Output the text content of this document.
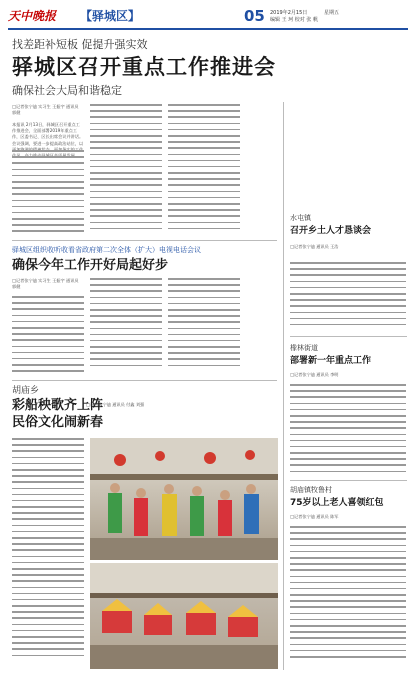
天中晚报	【驿城区】	05 2019年2月15日	星期五
编辑 王 珂 校对 张 帆
找差距补短板 促提升强实效
驿城区召开重点工作推进会
确保社会大局和谐稳定
□记者张宁迪 实习生 王振宇 通讯员 郭健
本报讯 2月13日，驿城区召开重点工作推进会，全面部署2019年重点工作，区委书记、区长出席会议并讲话。会议强调，要进一步提高政治站位，以
驿城区组织收听收看省政府第二次全体（扩大）电视电话会议
确保今年工作开好局起好步
□记者张宁迪 实习生 王振宇 通讯员 郭健
胡庙乡
彩船秧歌齐上阵
民俗文化闹新春
□记者张宁迪 通讯员 付鑫 刘强
水屯镇
召开乡土人才恳谈会
□记者张宁迪 通讯员 王浩
橡林街道
部署新一年重点工作
□记者张宁迪 通讯员 李明
胡庙镇牧鲁村
75岁以上老人喜领红包
□记者张宁迪 通讯员 陈军
